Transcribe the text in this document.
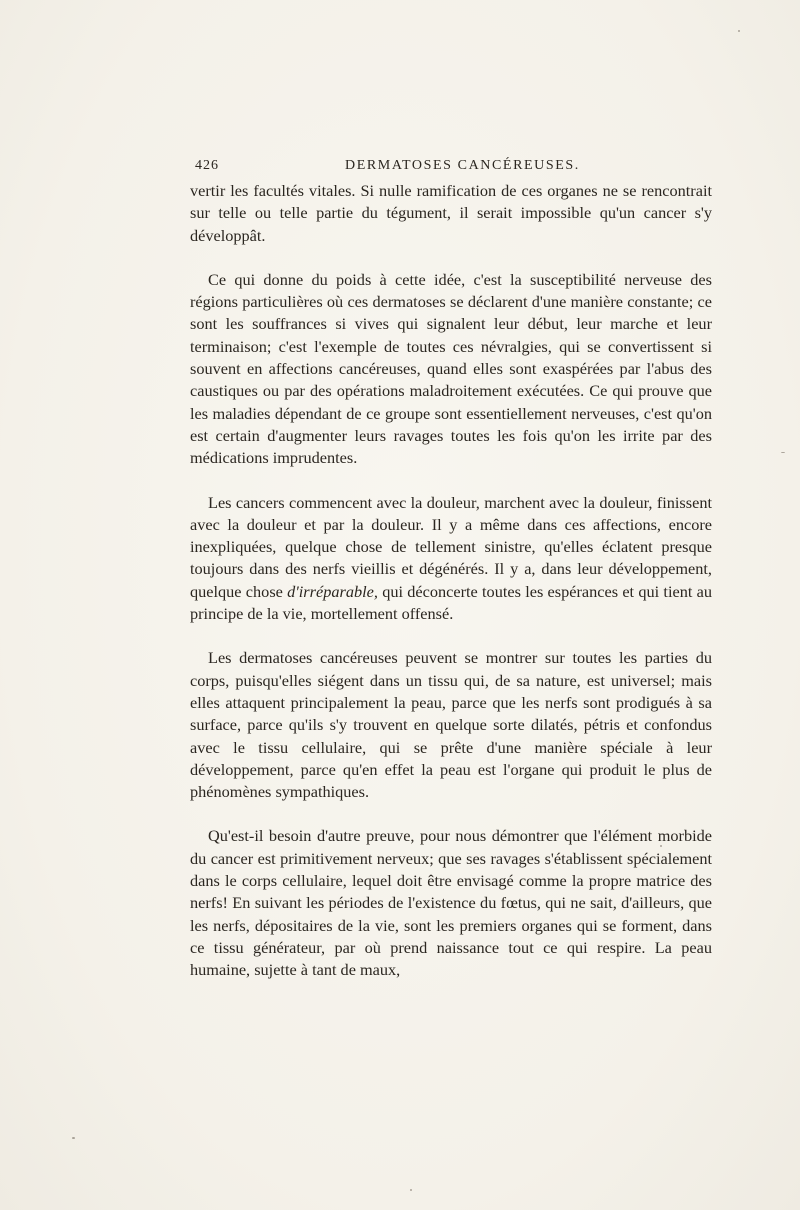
426	DERMATOSES CANCÉREUSES.

vertir les facultés vitales. Si nulle ramification de ces organes ne se rencontrait sur telle ou telle partie du tégument, il serait impossible qu'un cancer s'y développât.

Ce qui donne du poids à cette idée, c'est la susceptibilité nerveuse des régions particulières où ces dermatoses se déclarent d'une manière constante; ce sont les souffrances si vives qui signalent leur début, leur marche et leur terminaison; c'est l'exemple de toutes ces névralgies, qui se convertissent si souvent en affections cancéreuses, quand elles sont exaspérées par l'abus des caustiques ou par des opérations maladroitement exécutées. Ce qui prouve que les maladies dépendant de ce groupe sont essentiellement nerveuses, c'est qu'on est certain d'augmenter leurs ravages toutes les fois qu'on les irrite par des médications imprudentes.

Les cancers commencent avec la douleur, marchent avec la douleur, finissent avec la douleur et par la douleur. Il y a même dans ces affections, encore inexpliquées, quelque chose de tellement sinistre, qu'elles éclatent presque toujours dans des nerfs vieillis et dégénérés. Il y a, dans leur développement, quelque chose d'irréparable, qui déconcerte toutes les espérances et qui tient au principe de la vie, mortellement offensé.

Les dermatoses cancéreuses peuvent se montrer sur toutes les parties du corps, puisqu'elles siégent dans un tissu qui, de sa nature, est universel; mais elles attaquent principalement la peau, parce que les nerfs sont prodigués à sa surface, parce qu'ils s'y trouvent en quelque sorte dilatés, pétris et confondus avec le tissu cellulaire, qui se prête d'une manière spéciale à leur développement, parce qu'en effet la peau est l'organe qui produit le plus de phénomènes sympathiques.

Qu'est-il besoin d'autre preuve, pour nous démontrer que l'élément morbide du cancer est primitivement nerveux; que ses ravages s'établissent spécialement dans le corps cellulaire, lequel doit être envisagé comme la propre matrice des nerfs! En suivant les périodes de l'existence du fœtus, qui ne sait, d'ailleurs, que les nerfs, dépositaires de la vie, sont les premiers organes qui se forment, dans ce tissu générateur, par où prend naissance tout ce qui respire. La peau humaine, sujette à tant de maux,
